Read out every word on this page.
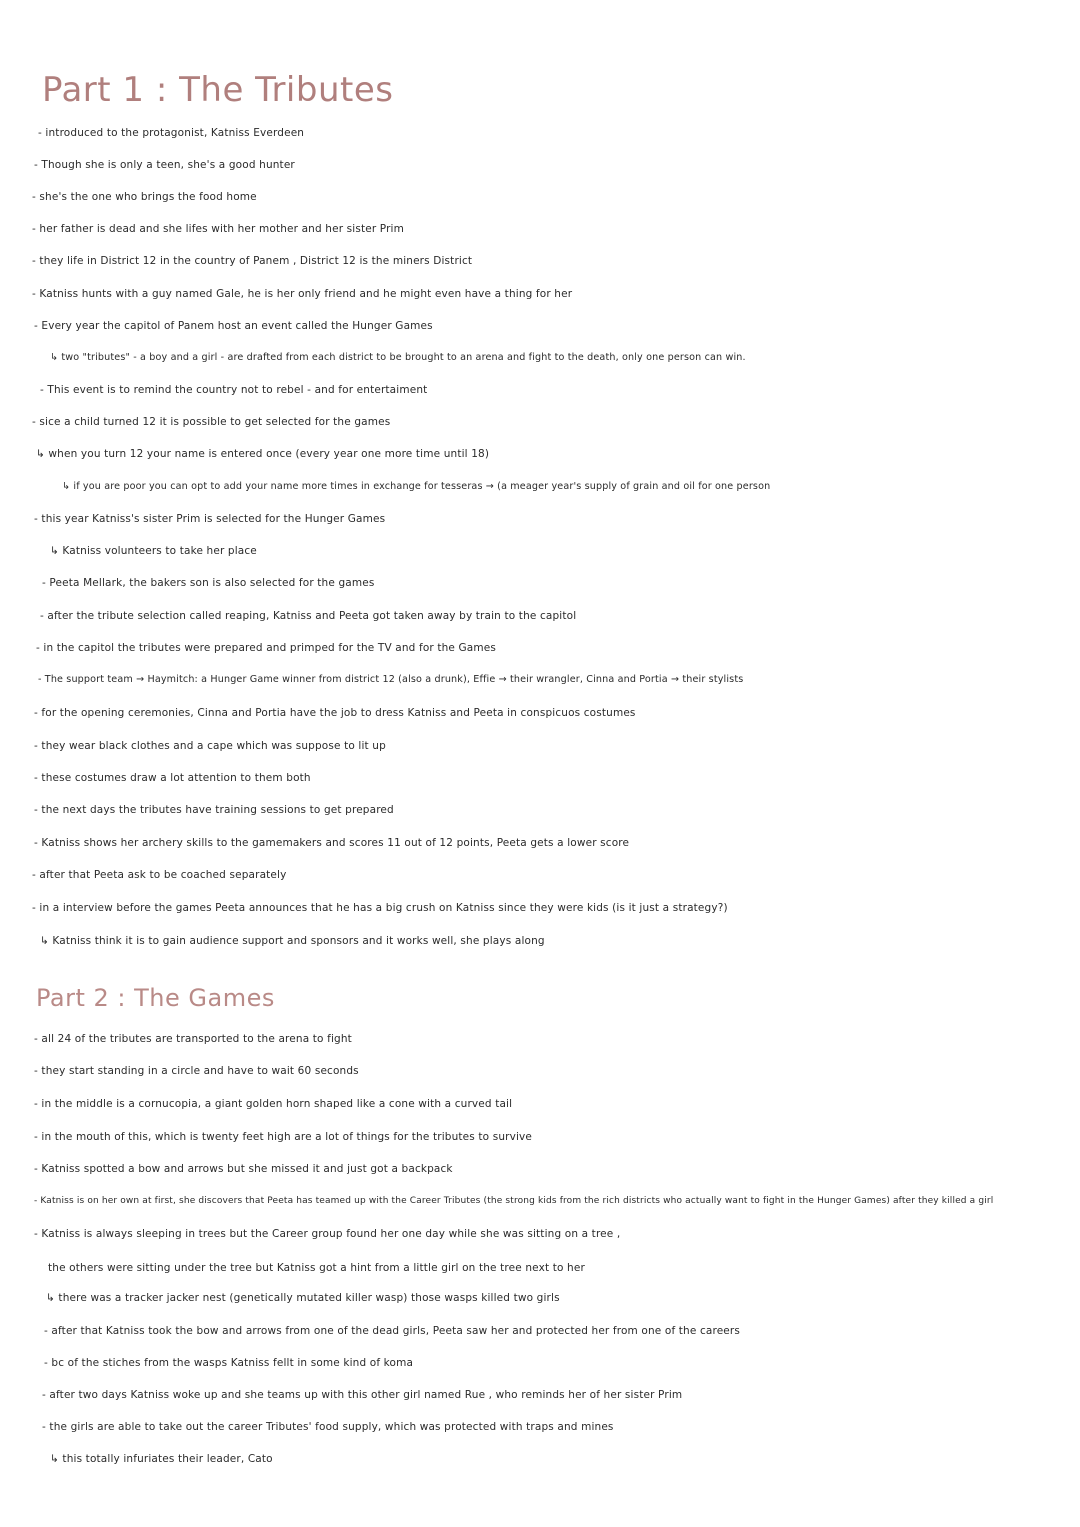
Part 1 : The Tributes
- introduced to the protagonist, Katniss Everdeen
- Though she is only a teen, she's a good hunter
- she's the one who brings the food home
- her father is dead and she lifes with her mother and her sister Prim
- they life in District 12 in the country of Panem , District 12 is the miners District
- Katniss hunts with a guy named Gale, he is her only friend and he might even have a thing for her
- Every year the capitol of Panem host an event called the Hunger Games
↳ two "tributes" - a boy and a girl - are drafted from each district to be brought to an arena and fight to the death, only one person can win.
- This event is to remind the country not to rebel - and for entertaiment
- sice a child turned 12 it is possible to get selected for the games
↳ when you turn 12 your name is entered once (every year one more time until 18)
↳ if you are poor you can opt to add your name more times in exchange for tesseras → (a meager year's supply of grain and oil for one person
- this year Katniss's sister Prim is selected for the Hunger Games
↳ Katniss volunteers to take her place
- Peeta Mellark, the bakers son is also selected for the games
- after the tribute selection called reaping, Katniss and Peeta got taken away by train to the capitol
- in the capitol the tributes were prepared and primped for the TV and for the Games
- The support team → Haymitch: a Hunger Game winner from district 12 (also a drunk), Effie → their wrangler, Cinna and Portia → their stylists
- for the opening ceremonies, Cinna and Portia have the job to dress Katniss and Peeta in conspicuos costumes
- they wear black clothes and a cape which was suppose to lit up
- these costumes draw a lot attention to them both
- the next days the tributes have training sessions to get prepared
- Katniss shows her archery skills to the gamemakers and scores 11 out of 12 points, Peeta gets a lower score
- after that Peeta ask to be coached separately
- in a interview before the games Peeta announces that he has a big crush on Katniss since they were kids (is it just a strategy?)
↳ Katniss think it is to gain audience support and sponsors and it works well, she plays along
Part 2 : The Games
- all 24 of the tributes are transported to the arena to fight
- they start standing in a circle and have to wait 60 seconds
- in the middle is a cornucopia, a giant golden horn shaped like a cone with a curved tail
- in the mouth of this, which is twenty feet high are a lot of things for the tributes to survive
- Katniss spotted a bow and arrows but she missed it and just got a backpack
- Katniss is on her own at first, she discovers that Peeta has teamed up with the Career Tributes (the strong kids from the rich districts who actually want to fight in the Hunger Games) after they killed a girl
- Katniss is always sleeping in trees but the Career group found her one day while she was sitting on a tree ,
the others were sitting under the tree but Katniss got a hint from a little girl on the tree next to her
↳ there was a tracker jacker nest (genetically mutated killer wasp) those wasps killed two girls
- after that Katniss took the bow and arrows from one of the dead girls, Peeta saw her and protected her from one of the careers
- bc of the stiches from the wasps Katniss fellt in some kind of koma
- after two days Katniss woke up and she teams up with this other girl named Rue , who reminds her of her sister Prim
- the girls are able to take out the career Tributes' food supply, which was protected with traps and mines
↳ this totally infuriates their leader, Cato
